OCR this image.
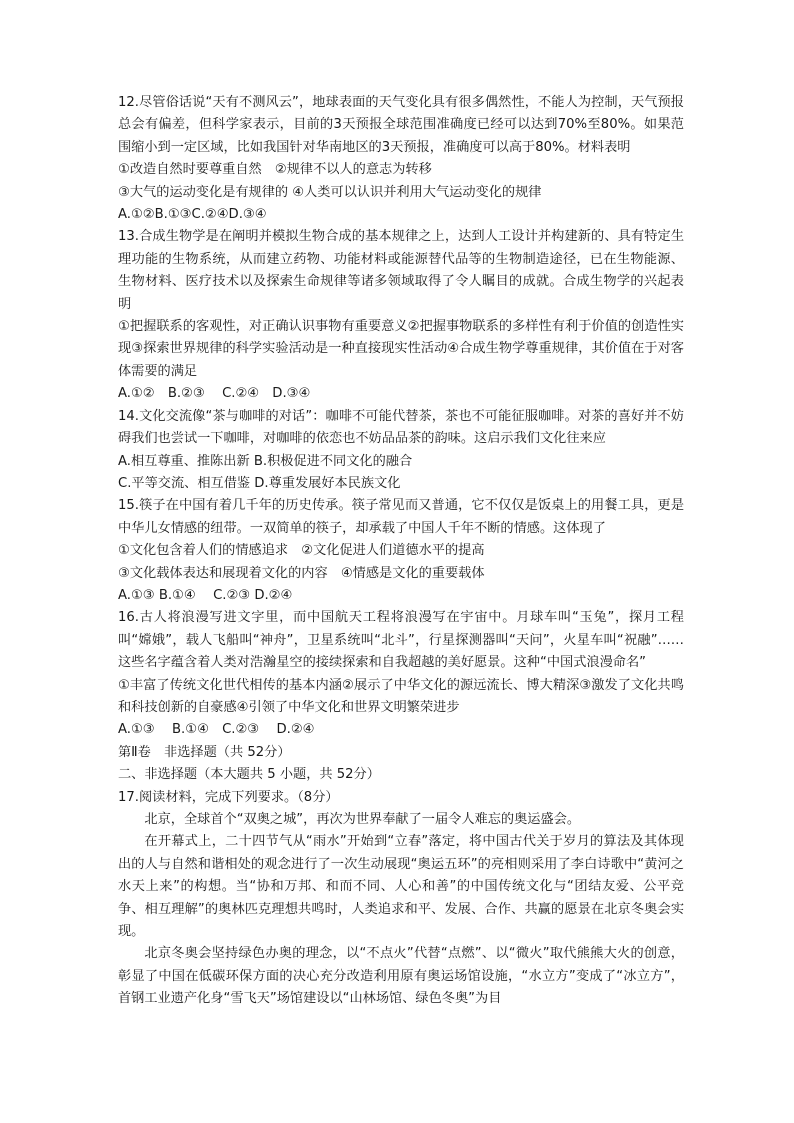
12.尽管俗话说“天有不测风云”，地球表面的天气变化具有很多偶然性，不能人为控制，天气预报总会有偏差，但科学家表示，目前的3天预报全球范围准确度已经可以达到70%至80%。如果范围缩小到一定区域，比如我国针对华南地区的3天预报，准确度可以高于80%。材料表明

①改造自然时要尊重自然　②规律不以人的意志为转移

③大气的运动变化是有规律的 ④人类可以认识并利用大气运动变化的规律

A.①②B.①③C.②④D.③④

13.合成生物学是在阐明并模拟生物合成的基本规律之上，达到人工设计并构建新的、具有特定生理功能的生物系统，从而建立药物、功能材料或能源替代品等的生物制造途径，已在生物能源、生物材料、医疗技术以及探索生命规律等诸多领域取得了令人瞩目的成就。合成生物学的兴起表明

①把握联系的客观性，对正确认识事物有重要意义②把握事物联系的多样性有利于价值的创造性实现③探索世界规律的科学实验活动是一种直接现实性活动④合成生物学尊重规律，其价值在于对客体需要的满足

A.①②　B.②③　 C.②④　D.③④

14.文化交流像“茶与咖啡的对话”：咖啡不可能代替茶，茶也不可能征服咖啡。对茶的喜好并不妨碍我们也尝试一下咖啡，对咖啡的依恋也不妨品品茶的韵味。这启示我们文化往来应

A.相互尊重、推陈出新 B.积极促进不同文化的融合

C.平等交流、相互借鉴 D.尊重发展好本民族文化

15.筷子在中国有着几千年的历史传承。筷子常见而又普通，它不仅仅是饭桌上的用餐工具，更是中华儿女情感的纽带。一双简单的筷子，却承载了中国人千年不断的情感。这体现了

①文化包含着人们的情感追求　②文化促进人们道德水平的提高

③文化载体表达和展现着文化的内容　④情感是文化的重要载体

A.①③ B.①④　 C.②③ D.②④

16.古人将浪漫写进文字里，而中国航天工程将浪漫写在宇宙中。月球车叫“玉兔”，探月工程叫“嫦娥”，载人飞船叫“神舟”，卫星系统叫“北斗”，行星探测器叫“天问”，火星车叫“祝融”……这些名字蕴含着人类对浩瀚星空的接续探索和自我超越的美好愿景。这种“中国式浪漫命名”

①丰富了传统文化世代相传的基本内涵②展示了中华文化的源远流长、博大精深③激发了文化共鸣和科技创新的自豪感④引领了中华文化和世界文明繁荣进步

A.①③　 B.①④　C.②③　 D.②④

第Ⅱ卷　非选择题（共 52分）

二、非选择题（本大题共 5 小题，共 52分）

17.阅读材料，完成下列要求。（8分）

北京，全球首个“双奥之城”，再次为世界奉献了一届令人难忘的奥运盛会。

在开幕式上，二十四节气从“雨水”开始到“立春”落定，将中国古代关于岁月的算法及其体现出的人与自然和谐相处的观念进行了一次生动展现“奥运五环”的亮相则采用了李白诗歌中“黄河之水天上来”的构想。当“协和万邦、和而不同、人心和善”的中国传统文化与“团结友爱、公平竞争、相互理解”的奥林匹克理想共鸣时，人类追求和平、发展、合作、共赢的愿景在北京冬奥会实现。

北京冬奥会坚持绿色办奥的理念，以“不点火”代替“点燃”、以“微火”取代熊熊大火的创意，彰显了中国在低碳环保方面的决心充分改造利用原有奥运场馆设施，“水立方”变成了“冰立方”，首钢工业遗产化身“雪飞天”场馆建设以“山林场馆、绿色冬奥”为目
